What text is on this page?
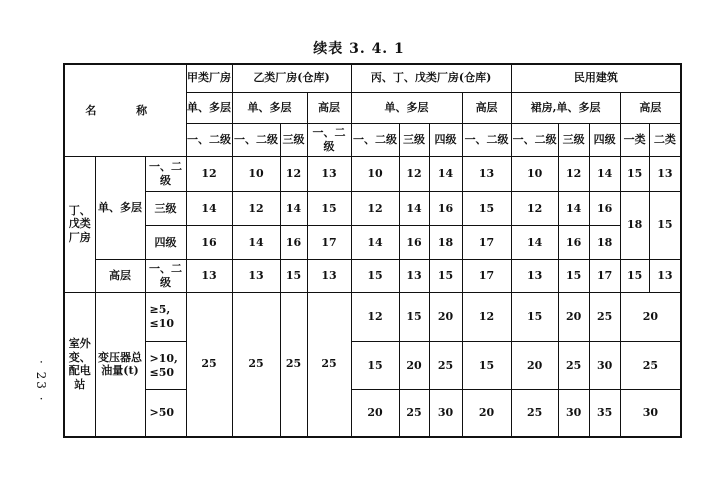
续表 3. 4. 1
· 23 ·
名 称			甲类厂房	乙类厂房(仓库)			丙、丁、戊类厂房(仓库)				民用建筑				
			单、多层	单、多层		高层	单、多层			高层	裙房,单、多层			高层	
			一、二级	一、二级	三级	一、二级	一、二级	三级	四级	一、二级	一、二级	三级	四级	一类	二类
丁、戊类厂房	单、多层	一、二级	12	10	12	13	10	12	14	13	10	12	14	15	13
		三级	14	12	14	15	12	14	16	15	12	14	16	18	15
		四级	16	14	16	17	14	16	18	17	14	16	18		
	高层	一、二级	13	13	15	13	15	13	15	17	13	15	17	15	13
室外变、配电站	变压器总油量(t)	≥5, ≤10	25	25	25	25	12	15	20	12	15	20	25	20	
		>10, ≤50					15	20	25	15	20	25	30	25	
		>50					20	25	30	20	25	30	35	30	
